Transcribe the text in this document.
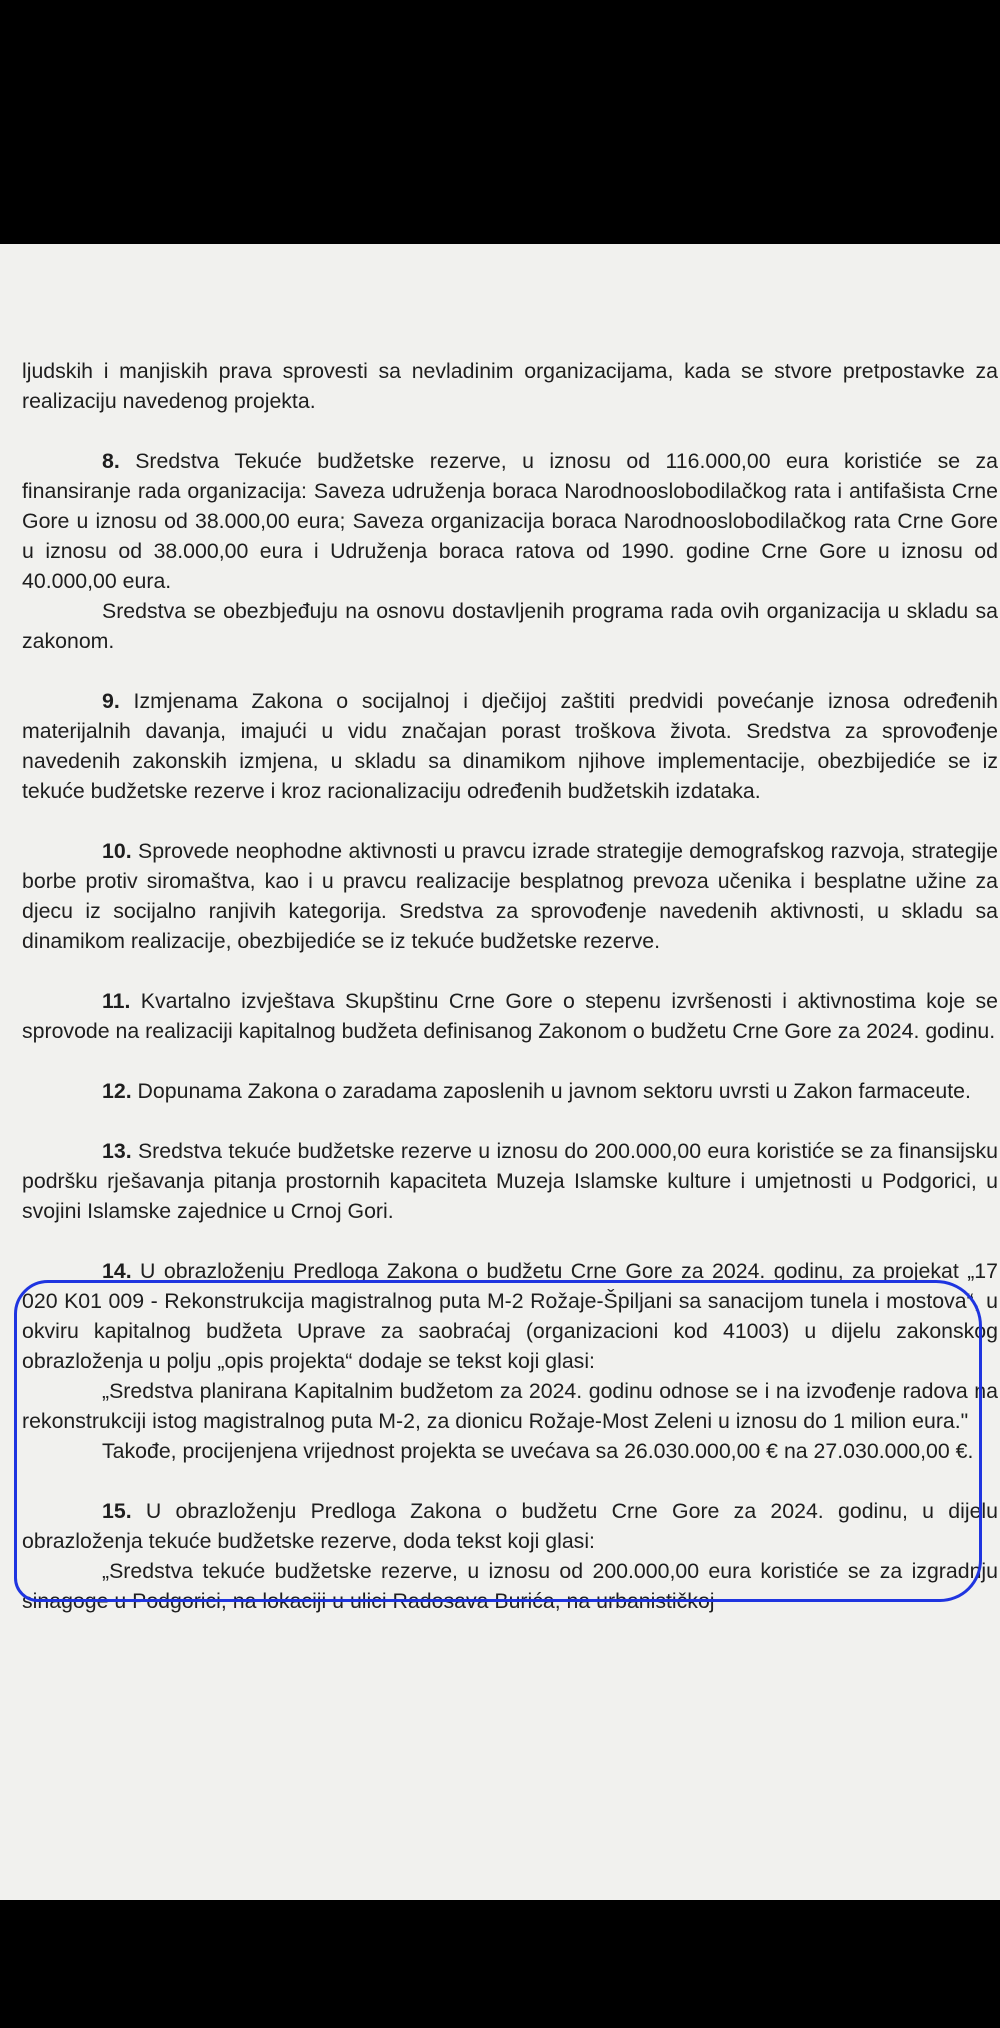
ljudskih i manjiskih prava sprovesti sa nevladinim organizacijama, kada se stvore pretpostavke za realizaciju navedenog projekta.

8. Sredstva Tekuće budžetske rezerve, u iznosu od 116.000,00 eura koristiće se za finansiranje rada organizacija: Saveza udruženja boraca Narodnooslobodilačkog rata i antifašista Crne Gore u iznosu od 38.000,00 eura; Saveza organizacija boraca Narodnooslobodilačkog rata Crne Gore u iznosu od 38.000,00 eura i Udruženja boraca ratova od 1990. godine Crne Gore u iznosu od 40.000,00 eura.

Sredstva se obezbjeđuju na osnovu dostavljenih programa rada ovih organizacija u skladu sa zakonom.

9. Izmjenama Zakona o socijalnoj i dječijoj zaštiti predvidi povećanje iznosa određenih materijalnih davanja, imajući u vidu značajan porast troškova života. Sredstva za sprovođenje navedenih zakonskih izmjena, u skladu sa dinamikom njihove implementacije, obezbijediće se iz tekuće budžetske rezerve i kroz racionalizaciju određenih budžetskih izdataka.

10. Sprovede neophodne aktivnosti u pravcu izrade strategije demografskog razvoja, strategije borbe protiv siromaštva, kao i u pravcu realizacije besplatnog prevoza učenika i besplatne užine za djecu iz socijalno ranjivih kategorija. Sredstva za sprovođenje navedenih aktivnosti, u skladu sa dinamikom realizacije, obezbijediće se iz tekuće budžetske rezerve.

11. Kvartalno izvještava Skupštinu Crne Gore o stepenu izvršenosti i aktivnostima koje se sprovode na realizaciji kapitalnog budžeta definisanog Zakonom o budžetu Crne Gore za 2024. godinu.

12. Dopunama Zakona o zaradama zaposlenih u javnom sektoru uvrsti u Zakon farmaceute.

13. Sredstva tekuće budžetske rezerve u iznosu do 200.000,00 eura koristiće se za finansijsku podršku rješavanja pitanja prostornih kapaciteta Muzeja Islamske kulture i umjetnosti u Podgorici, u svojini Islamske zajednice u Crnoj Gori.

14. U obrazloženju Predloga Zakona o budžetu Crne Gore za 2024. godinu, za projekat „17 020 K01 009 - Rekonstrukcija magistralnog puta M-2 Rožaje-Špiljani sa sanacijom tunela i mostova“, u okviru kapitalnog budžeta Uprave za saobraćaj (organizacioni kod 41003) u dijelu zakonskog obrazloženja u polju „opis projekta“ dodaje se tekst koji glasi:

„Sredstva planirana Kapitalnim budžetom za 2024. godinu odnose se i na izvođenje radova na rekonstrukciji istog magistralnog puta M-2, za dionicu Rožaje-Most Zeleni u iznosu do 1 milion eura."

Takođe, procijenjena vrijednost projekta se uvećava sa 26.030.000,00 € na 27.030.000,00 €.

15. U obrazloženju Predloga Zakona o budžetu Crne Gore za 2024. godinu, u dijelu obrazloženja tekuće budžetske rezerve, doda tekst koji glasi:

„Sredstva tekuće budžetske rezerve, u iznosu od 200.000,00 eura koristiće se za izgradnju sinagoge u Podgorici, na lokaciji u ulici Radosava Burića, na urbanističkoj
